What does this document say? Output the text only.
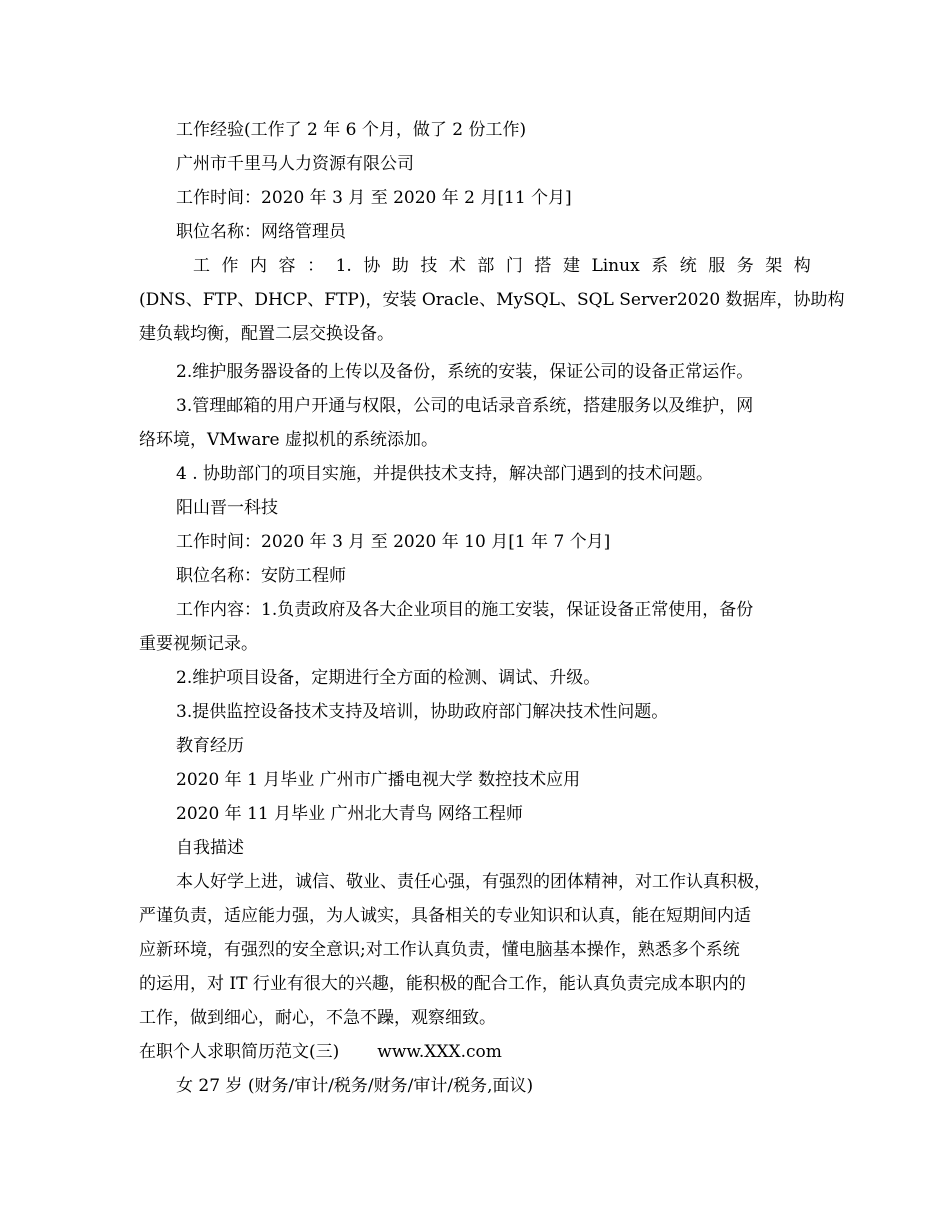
工作经验(工作了 2 年 6 个月，做了 2 份工作)
广州市千里马人力资源有限公司
工作时间：2020 年 3 月 至 2020 年 2 月[11 个月]
职位名称：网络管理员
工 作 内 容 ： 1. 协 助 技 术 部 门 搭 建 Linux 系 统 服 务 架 构
(DNS、FTP、DHCP、FTP)，安装 Oracle、MySQL、SQL Server2020 数据库，协助构
建负载均衡，配置二层交换设备。
2.维护服务器设备的上传以及备份，系统的安装，保证公司的设备正常运作。
3.管理邮箱的用户开通与权限，公司的电话录音系统，搭建服务以及维护，网
络环境，VMware 虚拟机的系统添加。
4 . 协助部门的项目实施，并提供技术支持，解决部门遇到的技术问题。
阳山晋一科技
工作时间：2020 年 3 月 至 2020 年 10 月[1 年 7 个月]
职位名称：安防工程师
工作内容：1.负责政府及各大企业项目的施工安装，保证设备正常使用，备份
重要视频记录。
2.维护项目设备，定期进行全方面的检测、调试、升级。
3.提供监控设备技术支持及培训，协助政府部门解决技术性问题。
教育经历
2020 年 1 月毕业 广州市广播电视大学 数控技术应用
2020 年 11 月毕业 广州北大青鸟 网络工程师
自我描述
本人好学上进，诚信、敬业、责任心强，有强烈的团体精神，对工作认真积极，
严谨负责，适应能力强，为人诚实，具备相关的专业知识和认真，能在短期间内适
应新环境，有强烈的安全意识;对工作认真负责，懂电脑基本操作，熟悉多个系统
的运用，对 IT 行业有很大的兴趣，能积极的配合工作，能认真负责完成本职内的
工作，做到细心，耐心，不急不躁，观察细致。
在职个人求职简历范文(三) www.XXX.com
女 27 岁 (财务/审计/税务/财务/审计/税务,面议)
